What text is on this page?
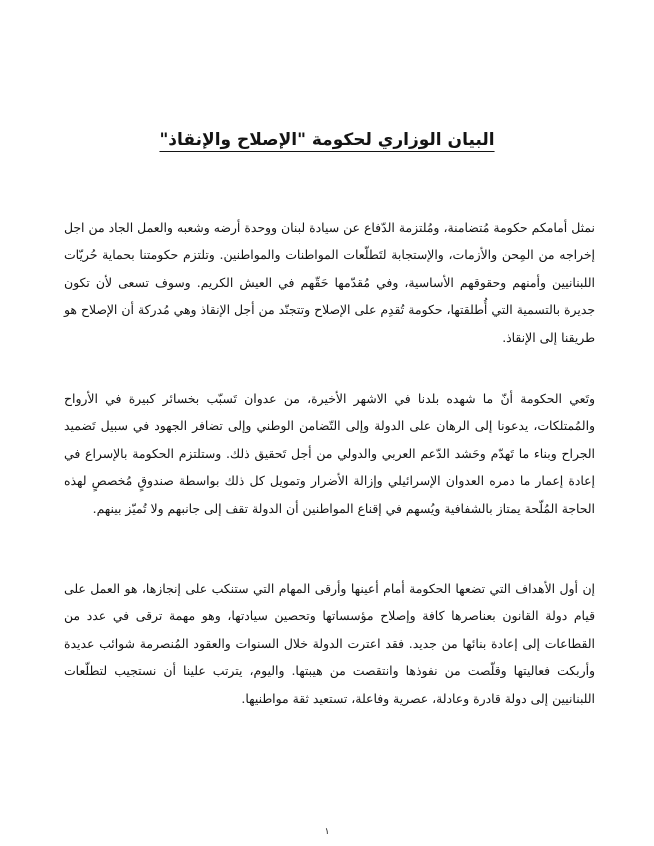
البيان الوزاري لحكومة "الإصلاح والإنقاذ"

نمثل أمامكم حكومة مُتضامنة، ومُلتزمة الدّفاع عن سيادة لبنان ووحدة أرضه وشعبه والعمل الجاد من اجل إخراجه من المِحن والأزمات، والإستجابة لتَطلّعات المواطنات والمواطنين. وتلتزم حكومتنا بحماية حُريّات اللبنانيين وأمنهم وحقوقهم الأساسية، وفي مُقدّمها حَقّهم في العيش الكريم. وسوف تسعى لأن تكون جديرة بالتسمية التي أُطلقتها، حكومة تُقدِم على الإصلاح وتتجنّد من أجل الإنقاذ وهي مُدركة أن الإصلاح هو طريقنا إلى الإنقاذ.

وتَعي الحكومة أنّ ما شهده بلدنا في الاشهر الأخيرة، من عدوان تَسبّب بخسائر كبيرة في الأرواح والمُمتلكات، يدعونا إلى الرهان على الدولة وإلى التّضامن الوطني وإلى تضافر الجهود في سبيل تَضميد الجراح وبناء ما تَهدّم وحَشد الدّعم العربي والدولي من أجل تَحقيق ذلك. وستلتزم الحكومة بالإسراع في إعادة إعمار ما دمره العدوان الإسرائيلي وإزالة الأضرار وتمويل كل ذلك بواسطة صندوقٍ مُخصصٍ لهذه الحاجة المُلّحة يمتاز بالشفافية ويُسهم في إقناع المواطنين أن الدولة تقف إلى جانبهم ولا تُميّز بينهم.

إن أول الأهداف التي تضعها الحكومة أمام أعينها وأرقى المهام التي ستنكب على إنجازها، هو العمل على قيام دولة القانون بعناصرها كافة وإصلاح مؤسساتها وتحصين سيادتها، وهو مهمة ترقى في عدد من القطاعات إلى إعادة بنائها من جديد. فقد اعترت الدولة خلال السنوات والعقود المُنصرمة شوائب عديدة وأربكت فعاليتها وقلّصت من نفوذها وانتقصت من هيبتها. واليوم، يترتب علينا أن نستجيب لتطلّعات اللبنانيين إلى دولة قادرة وعادلة، عصرية وفاعلة، تستعيد ثقة مواطنيها.

١
